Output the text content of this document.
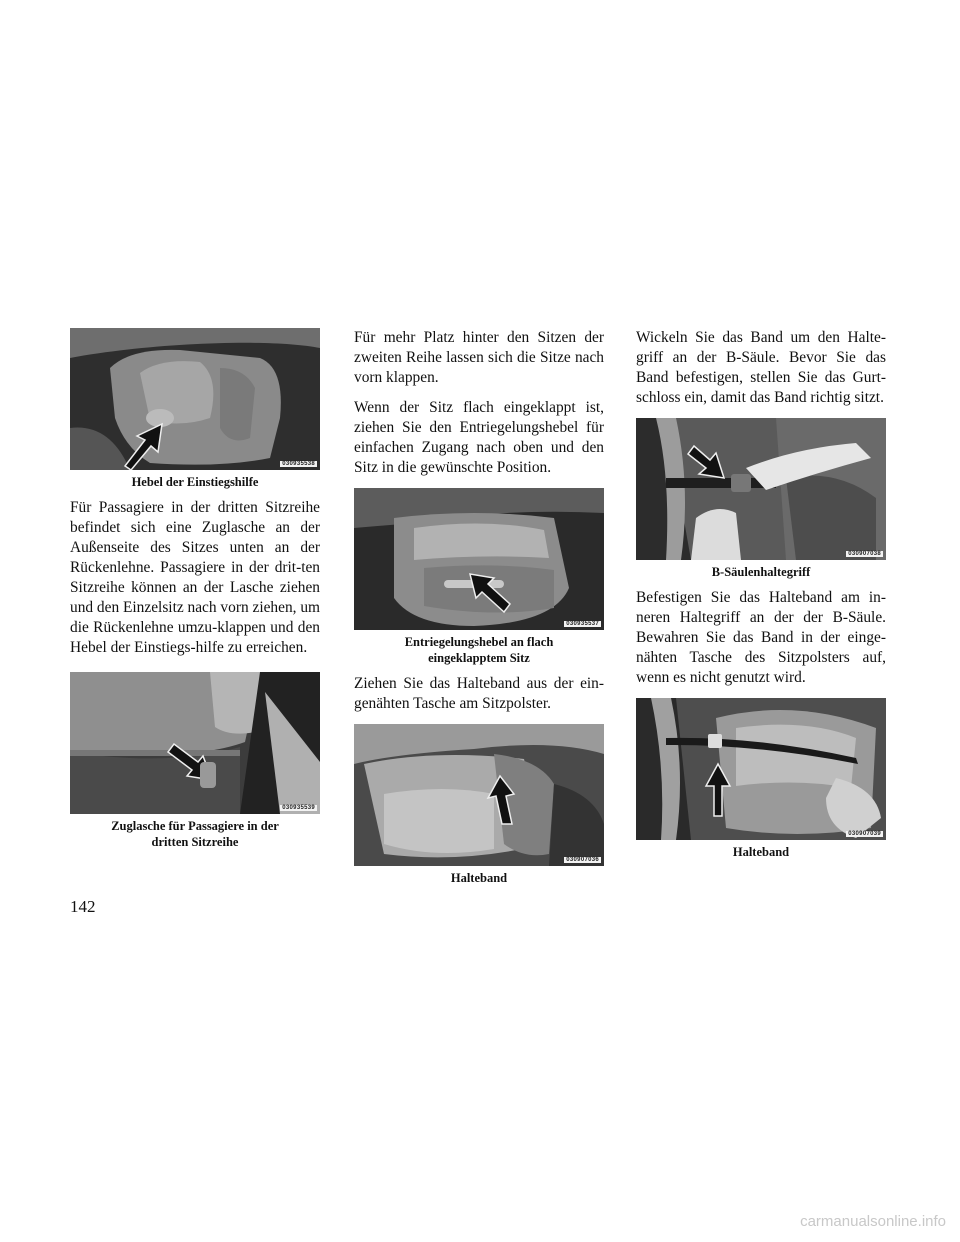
030935538
Hebel der Einstiegshilfe

Für Passagiere in der dritten Sitzreihe befindet sich eine Zuglasche an der Außenseite des Sitzes unten an der Rückenlehne. Passagiere in der drit-ten Sitzreihe können an der Lasche ziehen und den Einzelsitz nach vorn ziehen, um die Rückenlehne umzu-klappen und den Hebel der Einstiegs-hilfe zu erreichen.

030935539
Zuglasche für Passagiere in der
dritten Sitzreihe

Für mehr Platz hinter den Sitzen der zweiten Reihe lassen sich die Sitze nach vorn klappen.

Wenn der Sitz flach eingeklappt ist, ziehen Sie den Entriegelungshebel für einfachen Zugang nach oben und den Sitz in die gewünschte Position.

030935537
Entriegelungshebel an flach
eingeklapptem Sitz

Ziehen Sie das Halteband aus der ein-genähten Tasche am Sitzpolster.

030907036
Halteband

Wickeln Sie das Band um den Halte-griff an der B-Säule. Bevor Sie das Band befestigen, stellen Sie das Gurt-schloss ein, damit das Band richtig sitzt.

030907038
B-Säulenhaltegriff

Befestigen Sie das Halteband am in-neren Haltegriff an der der B-Säule. Bewahren Sie das Band in der einge-nähten Tasche des Sitzpolsters auf, wenn es nicht genutzt wird.

030907039
Halteband
142
carmanualsonline.info
